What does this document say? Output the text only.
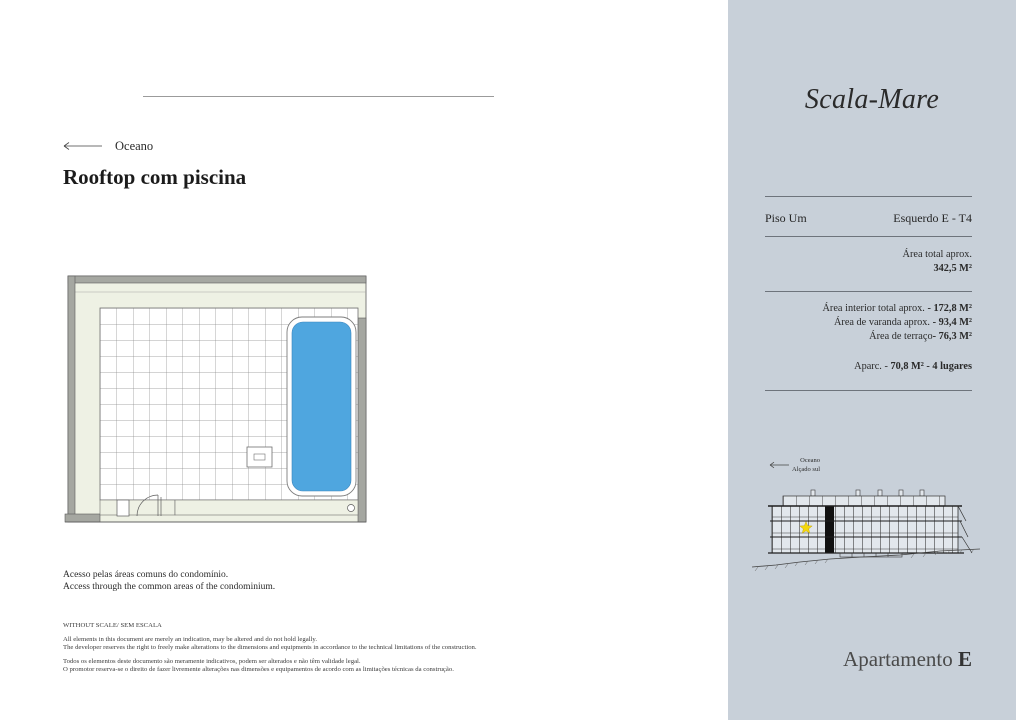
Oceano
Rooftop com piscina
Acesso pelas áreas comuns do condomínio.
Access through the common areas of the condominium.
WITHOUT SCALE/ SEM ESCALA
All elements in this document are merely an indication, may be altered and do not hold legally.
The developer reserves the right to freely make alterations to the dimensions and equipments in accordance to the technical limitations of the construction.
Todos os elementos deste documento são meramente indicativos, podem ser alterados e não têm validade legal.
O promotor reserva-se o direito de fazer livremente alterações nas dimensões e equipamentos de acordo com as limitações técnicas da construção.
Scala-Mare
Piso Um	Esquerdo E - T4
Área total aprox.
342,5 M²
Área interior total aprox. - 172,8 M²
Área de varanda aprox. - 93,4 M²
Área de terraço- 76,3 M²
Aparc. - 70,8 M² - 4 lugares
Oceano
Alçado sul
Apartamento E
